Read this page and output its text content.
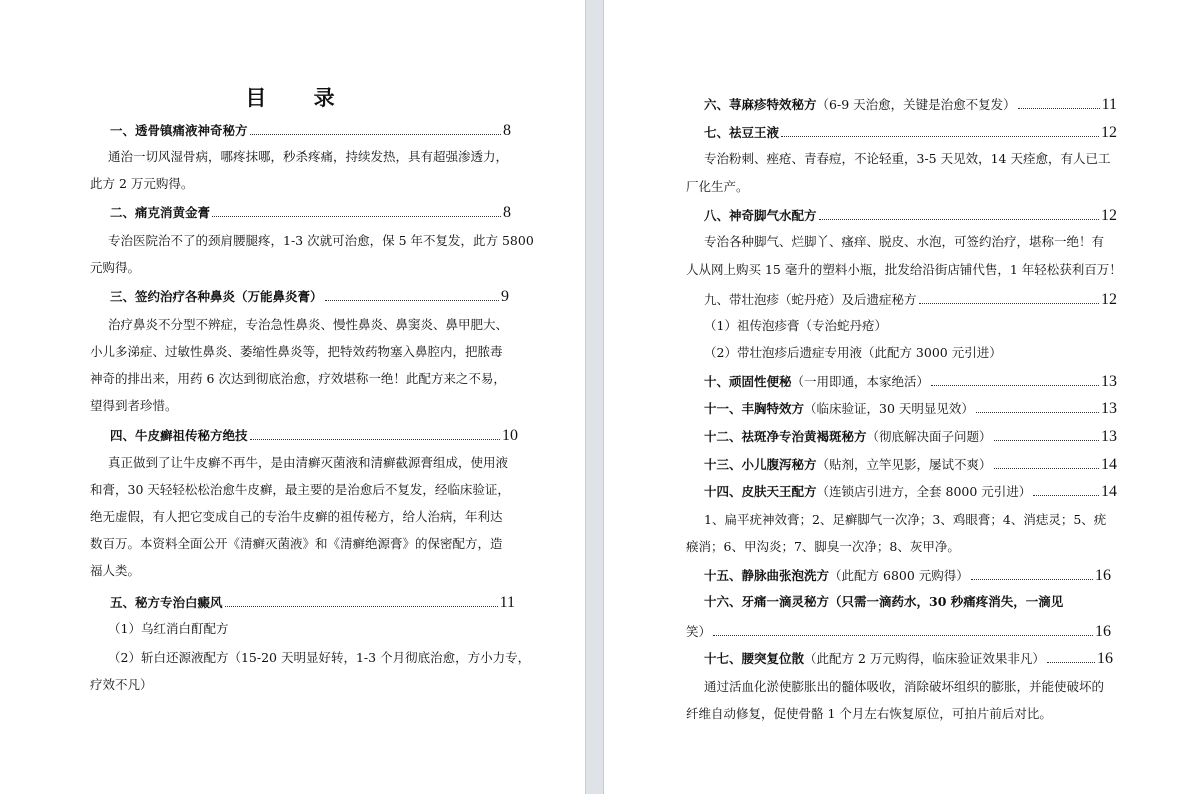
目 录
一、透骨镇痛液神奇秘方	8
通治一切风湿骨病，哪疼抹哪，秒杀疼痛，持续发热，具有超强渗透力，
此方 2 万元购得。
二、痛克消黄金膏	8
专治医院治不了的颈肩腰腿疼，1-3 次就可治愈，保 5 年不复发，此方 5800
元购得。
三、签约治疗各种鼻炎（万能鼻炎膏）	9
治疗鼻炎不分型不辨症，专治急性鼻炎、慢性鼻炎、鼻窦炎、鼻甲肥大、
小儿多涕症、过敏性鼻炎、萎缩性鼻炎等，把特效药物塞入鼻腔内，把脓毒
神奇的排出来，用药 6 次达到彻底治愈，疗效堪称一绝！此配方来之不易，
望得到者珍惜。
四、牛皮癣祖传秘方绝技	10
真正做到了让牛皮癣不再牛，是由清癣灭菌液和清癣截源膏组成，使用液
和膏，30 天轻轻松松治愈牛皮癣，最主要的是治愈后不复发，经临床验证，
绝无虚假，有人把它变成自己的专治牛皮癣的祖传秘方，给人治病，年利达
数百万。本资料全面公开《清癣灭菌液》和《清癣绝源膏》的保密配方，造
福人类。
五、秘方专治白癜风	11
（1）乌红消白酊配方
（2）斩白还源液配方（15-20 天明显好转，1-3 个月彻底治愈，方小力专，
疗效不凡）
六、荨麻疹特效秘方（6-9 天治愈，关键是治愈不复发）	11
七、祛豆王液	12
专治粉刺、痤疮、青春痘，不论轻重，3-5 天见效，14 天痊愈，有人已工
厂化生产。
八、神奇脚气水配方	12
专治各种脚气、烂脚丫、瘙痒、脱皮、水泡，可签约治疗，堪称一绝！有
人从网上购买 15 毫升的塑料小瓶，批发给沿街店铺代售，1 年轻松获利百万！
九、带壮泡疹（蛇丹疮）及后遗症秘方	12
（1）祖传泡疹膏（专治蛇丹疮）
（2）带壮泡疹后遗症专用液（此配方 3000 元引进）
十、顽固性便秘（一用即通，本家绝活）	13
十一、丰胸特效方（临床验证，30 天明显见效）	13
十二、祛斑净专治黄褐斑秘方（彻底解决面子问题）	13
十三、小儿腹泻秘方（贴剂，立竿见影，屡试不爽）	14
十四、皮肤天王配方（连锁店引进方，全套 8000 元引进）	14
1、扁平疣神效膏；2、足癣脚气一次净；3、鸡眼膏；4、消痣灵；5、疣
瘊消；6、甲沟炎；7、脚臭一次净；8、灰甲净。
十五、静脉曲张泡洗方（此配方 6800 元购得）	16
十六、牙痛一滴灵秘方（只需一滴药水，30 秒痛疼消失，一滴见
笑）	16
十七、腰突复位散（此配方 2 万元购得，临床验证效果非凡）	16
通过活血化淤使膨胀出的髓体吸收，消除破坏组织的膨胀，并能使破坏的
纤维自动修复，促使骨骼 1 个月左右恢复原位，可拍片前后对比。
